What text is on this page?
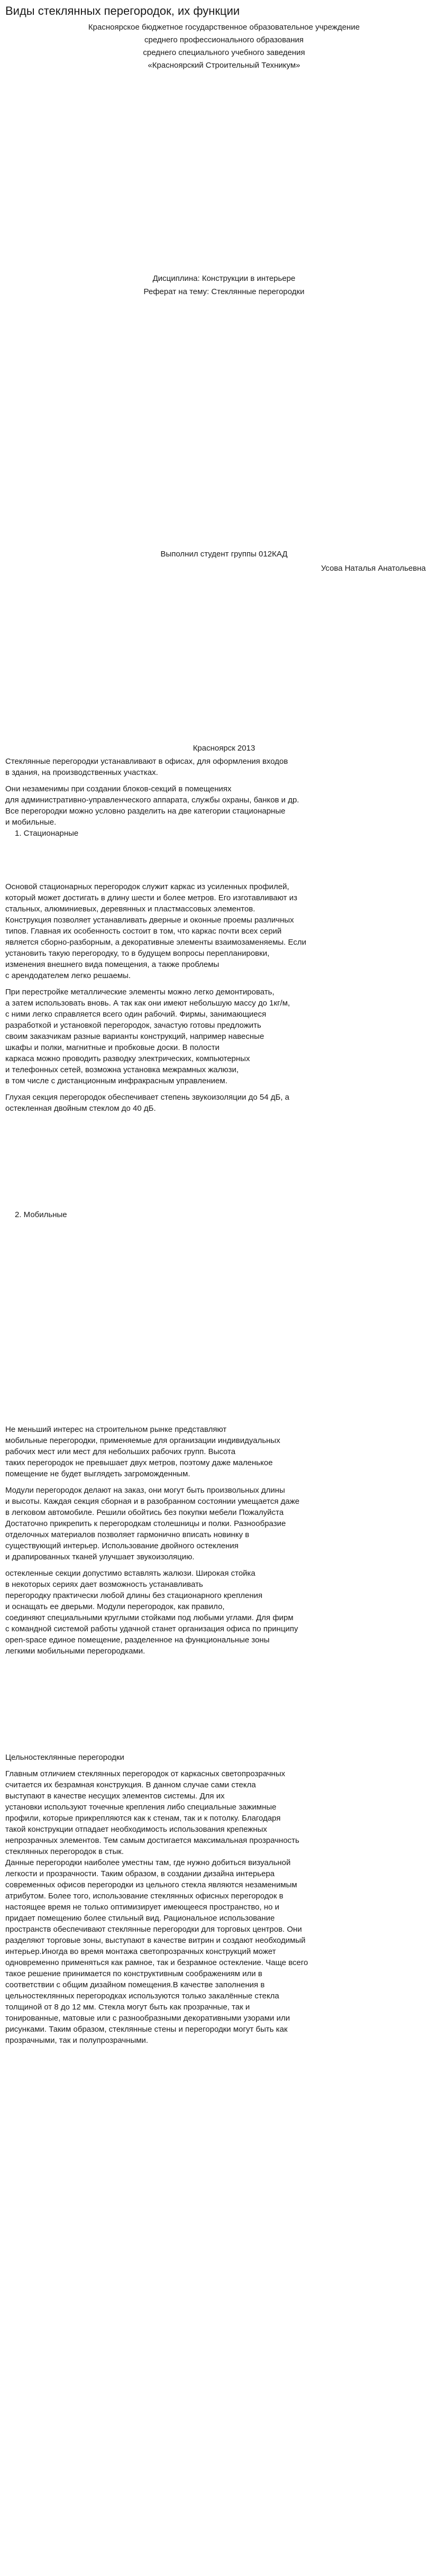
Виды стеклянных перегородок, их функции
Красноярское бюджетное государственное образовательное учреждение
среднего профессионального образования
среднего специального учебного заведения
«Красноярский Строительный Техникум»
Дисциплина: Конструкции в интерьере
Реферат на тему: Стеклянные перегородки
Выполнил студент группы 012КАД
Усова Наталья Анатольевна
Красноярск 2013

Стеклянные перегородки устанавливают в офисах, для оформления входов
в здания, на производственных участках.

Они незаменимы при создании блоков-секций в помещениях
для административно-управленческого аппарата, службы охраны, банков и др.
Все перегородки можно условно разделить на две категории стационарные
и мобильные.

1. Стационарные

Основой стационарных перегородок служит каркас из усиленных профилей,
который может достигать в длину шести и более метров. Его изготавливают из
стальных, алюминиевых, деревянных и пластмассовых элементов.
Конструкция позволяет устанавливать дверные и оконные проемы различных
типов. Главная их особенность состоит в том, что каркас почти всех серий
является сборно-разборным, а декоративные элементы взаимозаменяемы. Если
установить такую перегородку, то в будущем вопросы перепланировки,
изменения внешнего вида помещения, а также проблемы
с арендодателем легко решаемы.

При перестройке металлические элементы можно легко демонтировать,
а затем использовать вновь. А так как они имеют небольшую массу до 1кг/м,
с ними легко справляется всего один рабочий. Фирмы, занимающиеся
разработкой и установкой перегородок, зачастую готовы предложить
своим заказчикам разные варианты конструкций, например навесные
шкафы и полки, магнитные и пробковые доски. В полости
каркаса можно проводить разводку электрических, компьютерных
и телефонных сетей, возможна установка межрамных жалюзи,
в том числе с дистанционным инфракрасным управлением.

Глухая секция перегородок обеспечивает степень звукоизоляции до 54 дБ, а
остекленная двойным стеклом до 40 дБ.

2. Мобильные

Не меньший интерес на строительном рынке представляют
мобильные перегородки, применяемые для организации индивидуальных
рабочих мест или мест для небольших рабочих групп. Высота
таких перегородок не превышает двух метров, поэтому даже маленькое
помещение не будет выглядеть загроможденным.

Модули перегородок делают на заказ, они могут быть произвольных длины
и высоты. Каждая секция сборная и в разобранном состоянии умещается даже
в легковом автомобиле. Решили обойтись без покупки мебели Пожалуйста
Достаточно прикрепить к перегородкам столешницы и полки. Разнообразие
отделочных материалов позволяет гармонично вписать новинку в
существующий интерьер. Использование двойного остекления
и драпированных тканей улучшает звукоизоляцию.

остекленные секции допустимо вставлять жалюзи. Широкая стойка
в некоторых сериях дает возможность устанавливать
перегородку практически любой длины без стационарного крепления
и оснащать ее дверьми. Модули перегородок, как правило,
соединяют специальными круглыми стойками под любыми углами. Для фирм
с командной системой работы удачной станет организация офиса по принципу
open-space единое помещение, разделенное на функциональные зоны
легкими мобильными перегородками.

Цельностеклянные перегородки

Главным отличием стеклянных перегородок от каркасных светопрозрачных
считается их безрамная конструкция. В данном случае сами стекла
выступают в качестве несущих элементов системы. Для их
установки используют точечные крепления либо специальные зажимные
профили, которые прикрепляются как к стенам, так и к потолку. Благодаря
такой конструкции отпадает необходимость использования крепежных
непрозрачных элементов. Тем самым достигается максимальная прозрачность
стеклянных перегородок в стык.
Данные перегородки наиболее уместны там, где нужно добиться визуальной
легкости и прозрачности. Таким образом, в создании дизайна интерьера
современных офисов перегородки из цельного стекла являются незаменимым
атрибутом. Более того, использование стеклянных офисных перегородок в
настоящее время не только оптимизирует имеющееся пространство, но и
придает помещению более стильный вид. Рациональное использование
пространств обеспечивают стеклянные перегородки для торговых центров. Они
разделяют торговые зоны, выступают в качестве витрин и создают необходимый
интерьер.Иногда во время монтажа светопрозрачных конструкций может
одновременно применяться как рамное, так и безрамное остекление. Чаще всего
такое решение принимается по конструктивным соображениям или в
соответствии с общим дизайном помещения.В качестве заполнения в
цельностеклянных перегородках используются только закалённые стекла
толщиной от 8 до 12 мм. Стекла могут быть как прозрачные, так и
тонированные, матовые или с разнообразными декоративными узорами или
рисунками. Таким образом, стеклянные стены и перегородки могут быть как
прозрачными, так и полупрозрачными.
